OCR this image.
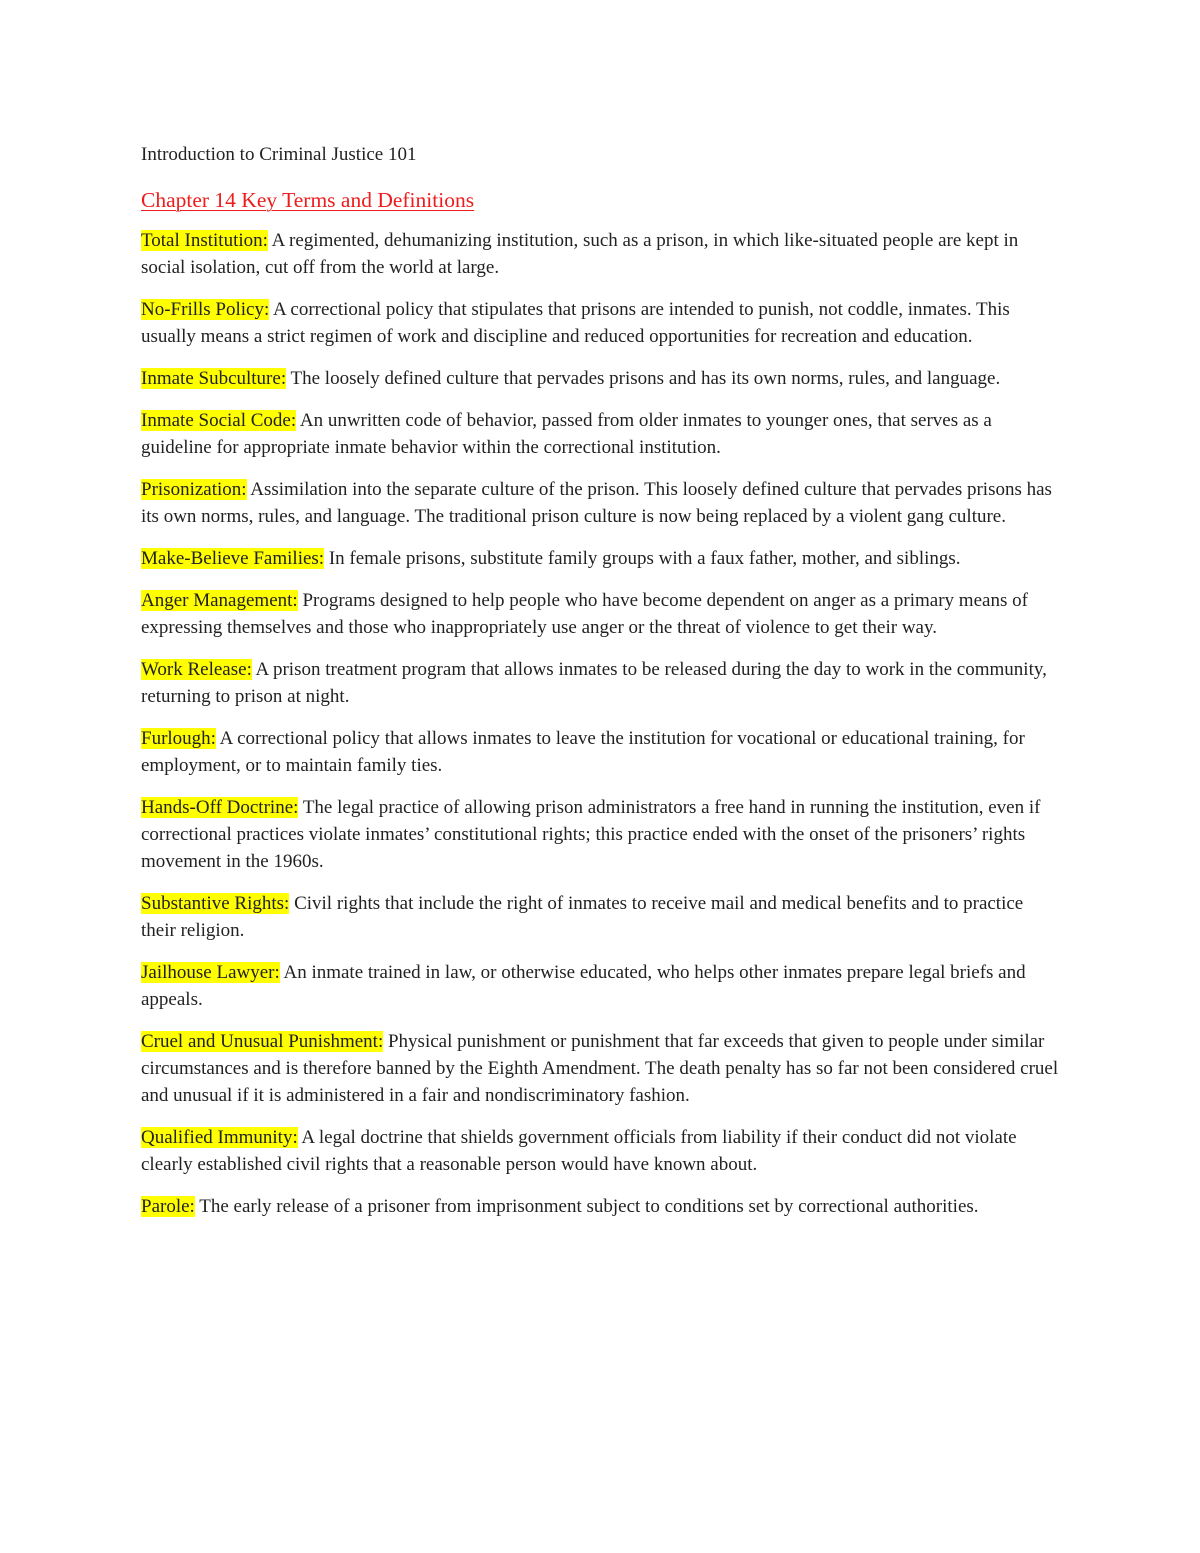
Introduction to Criminal Justice 101

Chapter 14 Key Terms and Definitions

Total Institution: A regimented, dehumanizing institution, such as a prison, in which like-situated people are kept in social isolation, cut off from the world at large.

No-Frills Policy: A correctional policy that stipulates that prisons are intended to punish, not coddle, inmates. This usually means a strict regimen of work and discipline and reduced opportunities for recreation and education.

Inmate Subculture: The loosely defined culture that pervades prisons and has its own norms, rules, and language.

Inmate Social Code: An unwritten code of behavior, passed from older inmates to younger ones, that serves as a guideline for appropriate inmate behavior within the correctional institution.

Prisonization: Assimilation into the separate culture of the prison. This loosely defined culture that pervades prisons has its own norms, rules, and language. The traditional prison culture is now being replaced by a violent gang culture.

Make-Believe Families: In female prisons, substitute family groups with a faux father, mother, and siblings.

Anger Management: Programs designed to help people who have become dependent on anger as a primary means of expressing themselves and those who inappropriately use anger or the threat of violence to get their way.

Work Release: A prison treatment program that allows inmates to be released during the day to work in the community, returning to prison at night.

Furlough: A correctional policy that allows inmates to leave the institution for vocational or educational training, for employment, or to maintain family ties.

Hands-Off Doctrine: The legal practice of allowing prison administrators a free hand in running the institution, even if correctional practices violate inmates’ constitutional rights; this practice ended with the onset of the prisoners’ rights movement in the 1960s.

Substantive Rights: Civil rights that include the right of inmates to receive mail and medical benefits and to practice their religion.

Jailhouse Lawyer: An inmate trained in law, or otherwise educated, who helps other inmates prepare legal briefs and appeals.

Cruel and Unusual Punishment: Physical punishment or punishment that far exceeds that given to people under similar circumstances and is therefore banned by the Eighth Amendment. The death penalty has so far not been considered cruel and unusual if it is administered in a fair and nondiscriminatory fashion.

Qualified Immunity: A legal doctrine that shields government officials from liability if their conduct did not violate clearly established civil rights that a reasonable person would have known about.

Parole: The early release of a prisoner from imprisonment subject to conditions set by correctional authorities.
